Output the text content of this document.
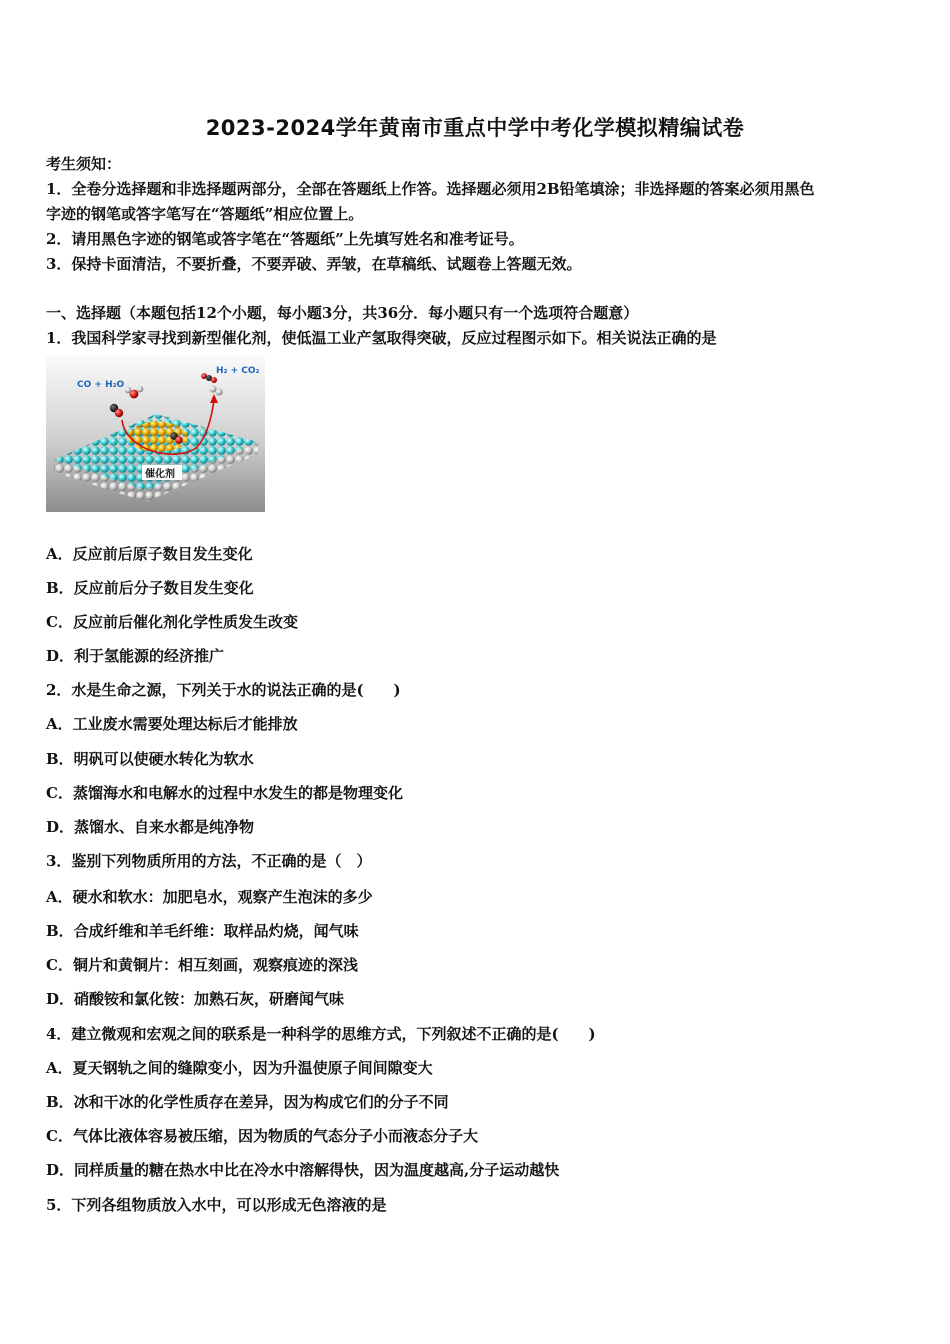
2023-2024学年黄南市重点中学中考化学模拟精编试卷
考生须知：
1．全卷分选择题和非选择题两部分，全部在答题纸上作答。选择题必须用2B铅笔填涂；非选择题的答案必须用黑色
字迹的钢笔或答字笔写在“答题纸”相应位置上。
2．请用黑色字迹的钢笔或答字笔在“答题纸”上先填写姓名和准考证号。
3．保持卡面清洁，不要折叠，不要弄破、弄皱，在草稿纸、试题卷上答题无效。
一、选择题（本题包括12个小题，每小题3分，共36分．每小题只有一个选项符合题意）
1．我国科学家寻找到新型催化剂，使低温工业产氢取得突破，反应过程图示如下。相关说法正确的是
CO + H₂O
H₂ + CO₂
催化剂
A．反应前后原子数目发生变化
B．反应前后分子数目发生变化
C．反应前后催化剂化学性质发生改变
D．利于氢能源的经济推广
2．水是生命之源，下列关于水的说法正确的是(　　)
A．工业废水需要处理达标后才能排放
B．明矾可以使硬水转化为软水
C．蒸馏海水和电解水的过程中水发生的都是物理变化
D．蒸馏水、自来水都是纯净物
3．鉴别下列物质所用的方法，不正确的是（　）
A．硬水和软水：加肥皂水，观察产生泡沫的多少
B．合成纤维和羊毛纤维：取样品灼烧，闻气味
C．铜片和黄铜片：相互刻画，观察痕迹的深浅
D．硝酸铵和氯化铵：加熟石灰，研磨闻气味
4．建立微观和宏观之间的联系是一种科学的思维方式，下列叙述不正确的是(　　)
A．夏天钢轨之间的缝隙变小，因为升温使原子间间隙变大
B．冰和干冰的化学性质存在差异，因为构成它们的分子不同
C．气体比液体容易被压缩，因为物质的气态分子小而液态分子大
D．同样质量的糖在热水中比在冷水中溶解得快，因为温度越高,分子运动越快
5．下列各组物质放入水中，可以形成无色溶液的是
